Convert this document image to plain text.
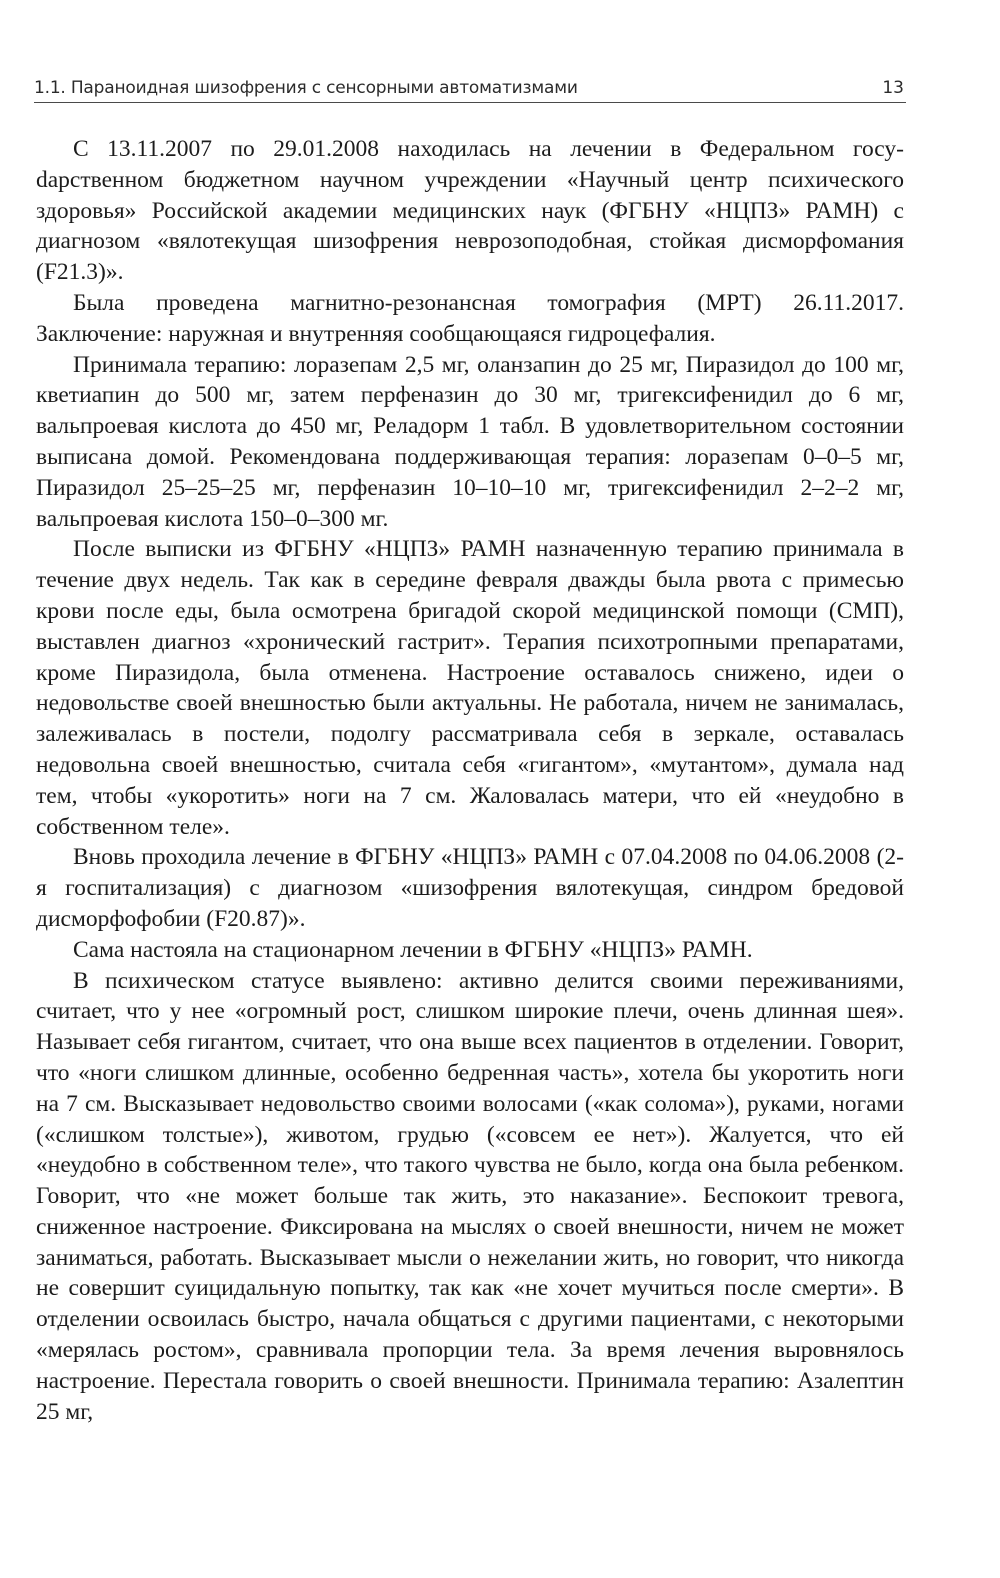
1.1. Параноидная шизофрения с сенсорными автоматизмами	13

С 13.11.2007 по 29.01.2008 находилась на лечении в Федеральном госуdарственном бюджетном научном учреждении «Научный центр психического здоровья» Российской академии медицинских наук (ФГБНУ «НЦПЗ» РАМН) с диагнозом «вялотекущая шизофрения неврозоподобная, стойкая дисморфомания (F21.3)».

Была проведена магнитно-резонансная томография (МРТ) 26.11.2017. Заключение: наружная и внутренняя сообщающаяся гидроцефалия.

Принимала терапию: лоразепам 2,5 мг, оланзапин до 25 мг, Пиразидол до 100 мг, кветиапин до 500 мг, затем перфеназин до 30 мг, тригексифенидил до 6 мг, вальпроевая кислота до 450 мг, Реладорм 1 табл. В удовлетворительном состоянии выписана домой. Рекомендована поддерживающая терапия: лоразепам 0–0–5 мг, Пиразидол 25–25–25 мг, перфеназин 10–10–10 мг, тригексифенидил 2–2–2 мг, вальпроевая кислота 150–0–300 мг.

После выписки из ФГБНУ «НЦПЗ» РАМН назначенную терапию принимала в течение двух недель. Так как в середине февраля дважды была рвота с примесью крови после еды, была осмотрена бригадой скорой медицинской помощи (СМП), выставлен диагноз «хронический гастрит». Терапия психотропными препаратами, кроме Пиразидола, была отменена. Настроение оставалось снижено, идеи о недовольстве своей внешностью были актуальны. Не работала, ничем не занималась, залеживалась в постели, подолгу рассматривала себя в зеркале, оставалась недовольна своей внешностью, считала себя «гигантом», «мутантом», думала над тем, чтобы «укоротить» ноги на 7 см. Жаловалась матери, что ей «неудобно в собственном теле».

Вновь проходила лечение в ФГБНУ «НЦПЗ» РАМН с 07.04.2008 по 04.06.2008 (2-я госпитализация) с диагнозом «шизофрения вялотекущая, синдром бредовой дисморфофобии (F20.87)».

Сама настояла на стационарном лечении в ФГБНУ «НЦПЗ» РАМН.

В психическом статусе выявлено: активно делится своими переживаниями, считает, что у нее «огромный рост, слишком широкие плечи, очень длинная шея». Называет себя гигантом, считает, что она выше всех пациентов в отделении. Говорит, что «ноги слишком длинные, особенно бедренная часть», хотела бы укоротить ноги на 7 см. Высказывает недовольство своими волосами («как солома»), руками, ногами («слишком толстые»), животом, грудью («совсем ее нет»). Жалуется, что ей «неудобно в собственном теле», что такого чувства не было, когда она была ребенком. Говорит, что «не может больше так жить, это наказание». Беспокоит тревога, сниженное настроение. Фиксирована на мыслях о своей внешности, ничем не может заниматься, работать. Высказывает мысли о нежелании жить, но говорит, что никогда не совершит суицидальную попытку, так как «не хочет мучиться после смерти». В отделении освоилась быстро, начала общаться с другими пациентами, с некоторыми «мерялась ростом», сравнивала пропорции тела. За время лечения выровнялось настроение. Перестала говорить о своей внешности. Принимала терапию: Азалептин 25 мг,
